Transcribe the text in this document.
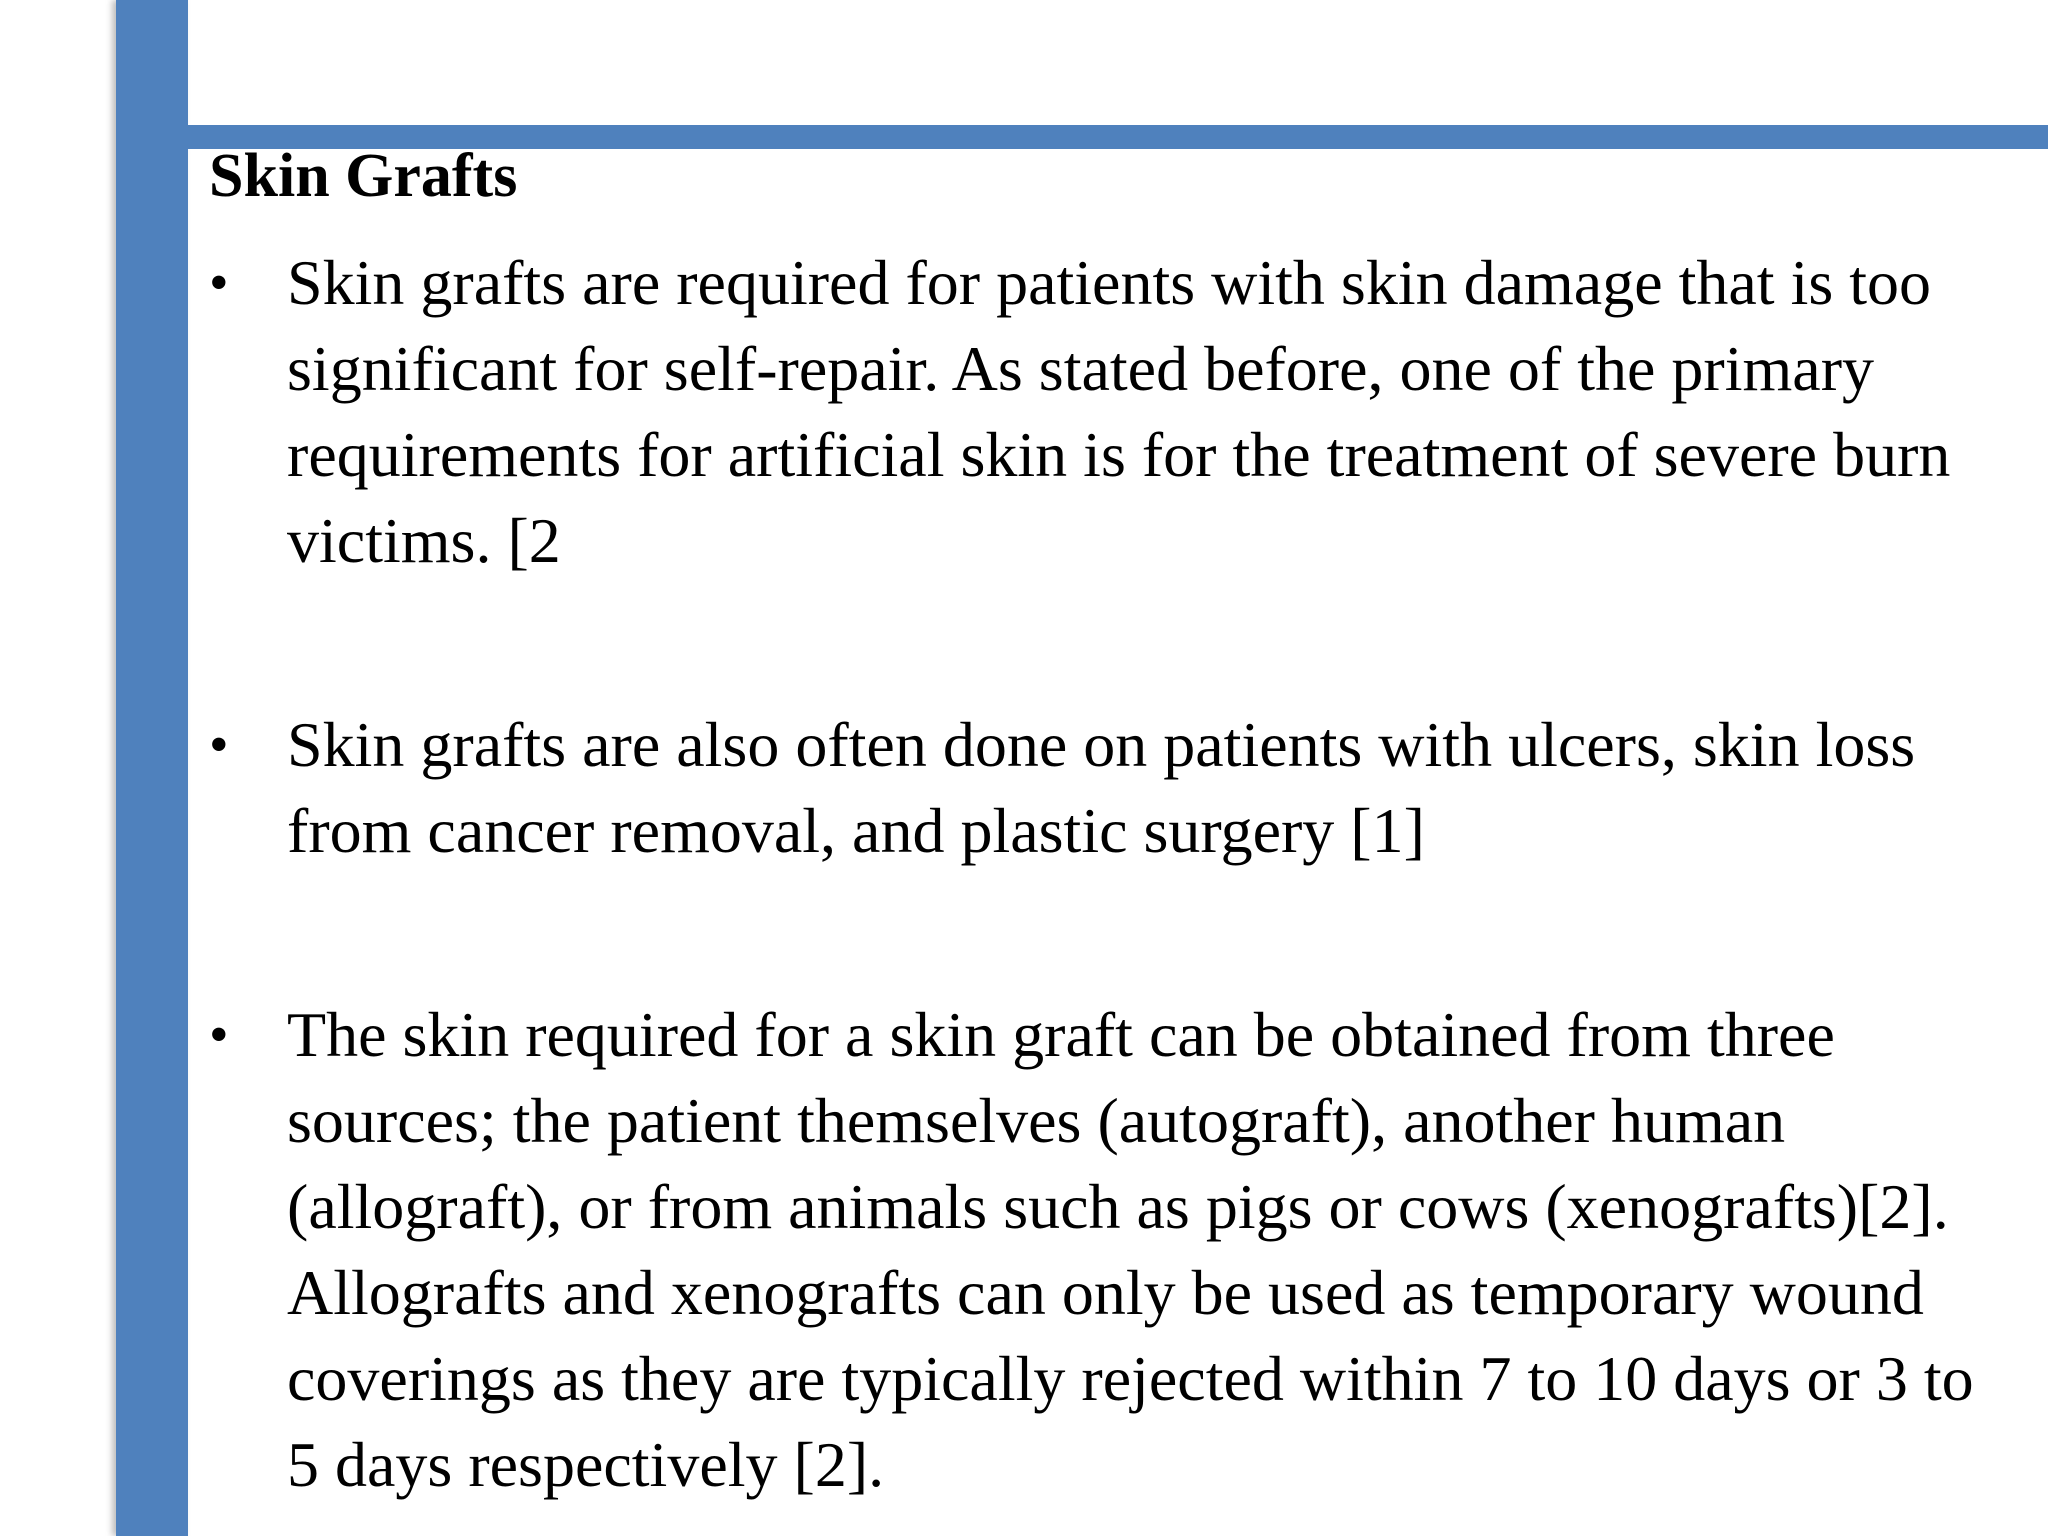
Skin Grafts
• Skin grafts are required for patients with skin damage that is too significant for self-repair. As stated before, one of the primary requirements for artificial skin is for the treatment of severe burn victims. [2
• Skin grafts are also often done on patients with ulcers, skin loss from cancer removal, and plastic surgery [1]
• The skin required for a skin graft can be obtained from three sources; the patient themselves (autograft), another human (allograft), or from animals such as pigs or cows (xenografts)[2]. Allografts and xenografts can only be used as temporary wound coverings as they are typically rejected within 7 to 10 days or 3 to 5 days respectively [2].
